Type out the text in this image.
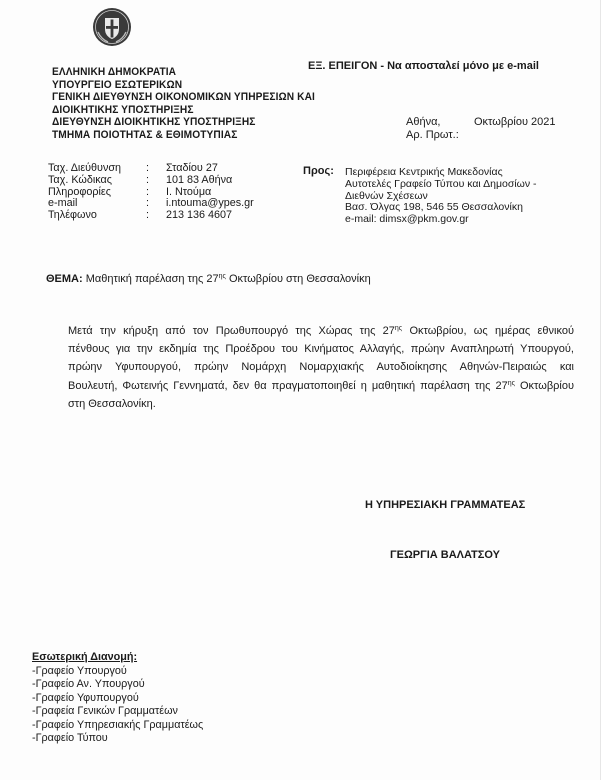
ΕΛΛΗΝΙΚΗ ΔΗΜΟΚΡΑΤΙΑ
ΥΠΟΥΡΓΕΙΟ ΕΣΩΤΕΡΙΚΩΝ
ΓΕΝΙΚΗ ΔΙΕΥΘΥΝΣΗ ΟΙΚΟΝΟΜΙΚΩΝ ΥΠΗΡΕΣΙΩΝ ΚΑΙ
ΔΙΟΙΚΗΤΙΚΗΣ ΥΠΟΣΤΗΡΙΞΗΣ
ΔΙΕΥΘΥΝΣΗ ΔΙΟΙΚΗΤΙΚΗΣ ΥΠΟΣΤΗΡΙΞΗΣ
ΤΜΗΜΑ ΠΟΙΟΤΗΤΑΣ & ΕΘΙΜΟΤΥΠΙΑΣ
ΕΞ. ΕΠΕΙΓΟΝ - Να αποσταλεί μόνο με e-mail
Αθήνα,	Οκτωβρίου 2021
Αρ. Πρωτ.:
Ταχ. Διεύθυνση	:	Σταδίου 27
Ταχ. Κώδικας	:	101 83 Αθήνα
Πληροφορίες	:	Ι. Ντούμα
e-mail	:	i.ntouma@ypes.gr
Τηλέφωνο	:	213 136 4607
Προς: Περιφέρεια Κεντρικής Μακεδονίας
Αυτοτελές Γραφείο Τύπου και Δημοσίων -
Διεθνών Σχέσεων
Βασ. Όλγας 198, 546 55 Θεσσαλονίκη
e-mail: dimsx@pkm.gov.gr
ΘΕΜΑ: Μαθητική παρέλαση της $27^{\eta\varsigma}$ Οκτωβρίου στη Θεσσαλονίκη
Μετά την κήρυξη από τον Πρωθυπουργό της Χώρας της $27^{\eta\varsigma}$ Οκτωβρίου, ως ημέρας εθνικού
πένθους για την εκδημία της Προέδρου του Κινήματος Αλλαγής, πρώην Αναπληρωτή Υπουργού,
πρώην Υφυπουργού, πρώην Νομάρχη Νομαρχιακής Αυτοδιοίκησης Αθηνών-Πειραιώς και
Βουλευτή, Φωτεινής Γεννηματά, δεν θα πραγματοποιηθεί η μαθητική παρέλαση της $27^{\eta\varsigma}$ Οκτωβρίου
στη Θεσσαλονίκη.
Η ΥΠΗΡΕΣΙΑΚΗ ΓΡΑΜΜΑΤΕΑΣ
ΓΕΩΡΓΙΑ ΒΑΛΑΤΣΟΥ
Εσωτερική Διανομή:
-Γραφείο Υπουργού
-Γραφείο Αν. Υπουργού
-Γραφείο Υφυπουργού
-Γραφεία Γενικών Γραμματέων
-Γραφείο Υπηρεσιακής Γραμματέως
-Γραφείο Τύπου
